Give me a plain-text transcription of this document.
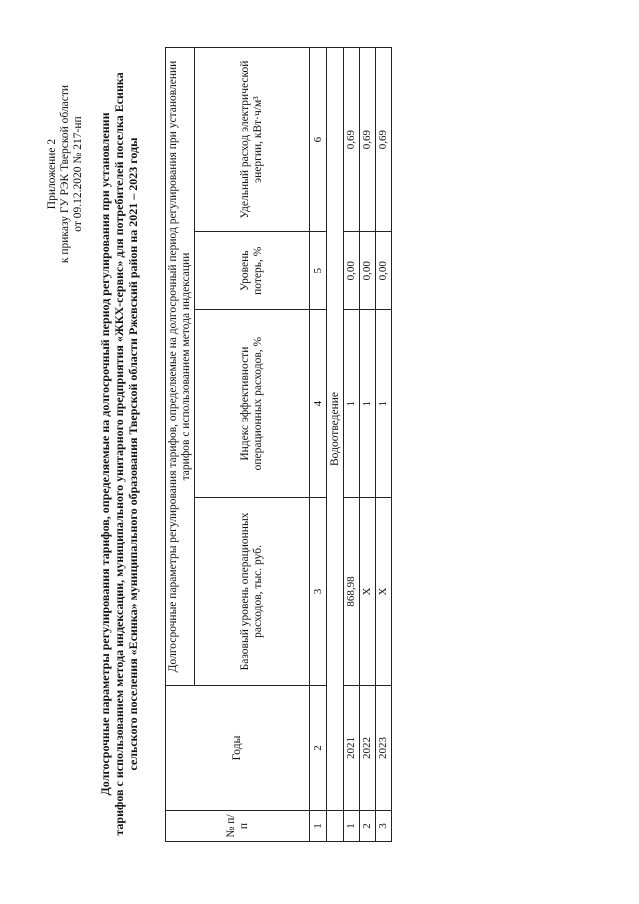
Приложение 2 к приказу ГУ РЭК Тверской области от 09.12.2020 № 217-нп Долгосрочные параметры регулирования тарифов, определяемые на долгосрочный период регулирования при установлении тарифов с использованием метода индексации, муниципального унитарного предприятия «ЖКХ-сервис» для потребителей поселка Есинка сельского поселения «Есинка» муниципального образования Тверской области Ржевский район на 2021 – 2023 годы
№ п/п	Годы	Долгосрочные параметры регулирования тарифов, определяемые на долгосрочный период регулирования при установлении тарифов с использованием метода индексации			
		Базовый уровень операционных расходов, тыс. руб.	Индекс эффективности операционных расходов, %	Уровень потерь, %	Удельный расход электрической энергии, кВт·ч/м³
1	2	3	4	5	6
	Водоотведение				
1	2021	868,98	1	0,00	0,69
2	2022	X	1	0,00	0,69
3	2023	X	1	0,00	0,69
